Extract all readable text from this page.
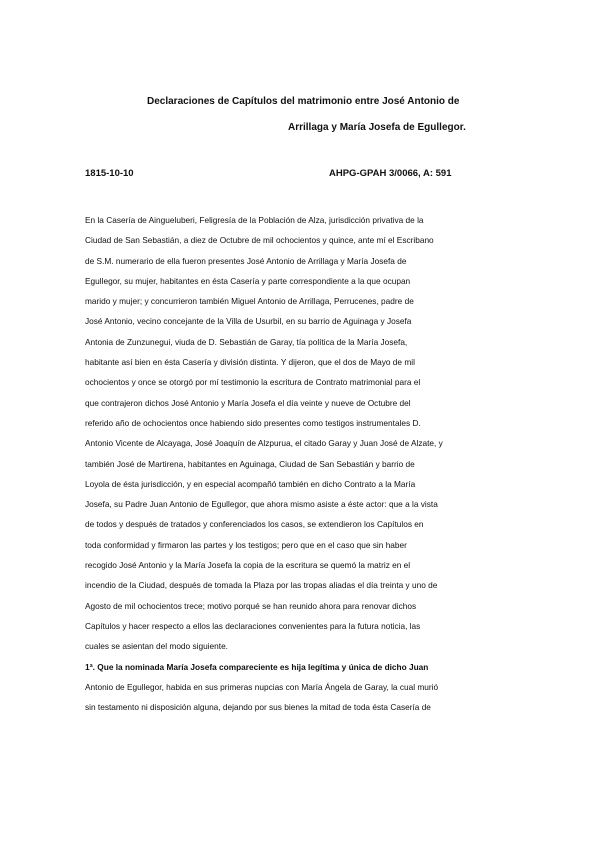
Declaraciones de Capítulos del matrimonio entre José Antonio de
Arrillaga y María Josefa de Egullegor.
1815-10-10	AHPG-GPAH 3/0066, A: 591
En la Casería de Aingueluberi, Feligresía de la Población de Alza, jurisdicción privativa de la
Ciudad de San Sebastián, a diez de Octubre de mil ochocientos y quince, ante mí el Escribano
de S.M. numerario de ella fueron presentes José Antonio de Arrillaga y María Josefa de
Egullegor, su mujer, habitantes en ésta Casería y parte correspondiente a la que ocupan
marido y mujer; y concurrieron también Miguel Antonio de Arrillaga, Perrucenes, padre de
José Antonio, vecino concejante de la Villa de Usurbil, en su barrio de Aguinaga y Josefa
Antonia de Zunzunegui, viuda de D. Sebastián de Garay, tía política de la María Josefa,
habitante así bien en ésta Casería y división distinta. Y dijeron, que el dos de Mayo de mil
ochocientos y once se otorgó por mí testimonio la escritura de Contrato matrimonial para el
que contrajeron dichos José Antonio y María Josefa el día veinte y nueve de Octubre del
referido año de ochocientos once habiendo sido presentes como testigos instrumentales D.
Antonio Vicente de Alcayaga, José Joaquín de Alzpurua, el citado Garay y Juan José de Alzate, y
también José de Martirena, habitantes en Aguinaga, Ciudad de San Sebastián y barrio de
Loyola de ésta jurisdicción, y en especial acompañó también en dicho Contrato a la María
Josefa, su Padre Juan Antonio de Egullegor, que ahora mismo asiste a éste actor: que a la vista
de todos y después de tratados y conferenciados los casos, se extendieron los Capítulos en
toda conformidad y firmaron las partes y los testigos; pero que en el caso que sin haber
recogido José Antonio y la María Josefa la copia de la escritura se quemó la matriz en el
incendio de la Ciudad, después de tomada la Plaza por las tropas aliadas el día treinta y uno de
Agosto de mil ochocientos trece; motivo porqué se han reunido ahora para renovar dichos
Capítulos y hacer respecto a ellos las declaraciones convenientes para la futura noticia, las
cuales se asientan del modo siguiente.
1ª. Que la nominada María Josefa compareciente es hija legítima y única de dicho Juan
Antonio de Egullegor, habida en sus primeras nupcias con María Ángela de Garay, la cual murió
sin testamento ni disposición alguna, dejando por sus bienes la mitad de toda ésta Casería de
